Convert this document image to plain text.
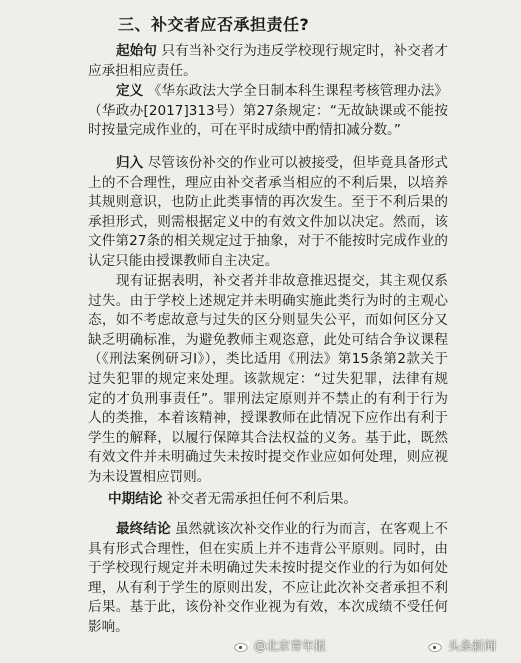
三、补交者应否承担责任?

起始句 只有当补交行为违反学校现行规定时，补交者才应承担相应责任。

定义 《华东政法大学全日制本科生课程考核管理办法》（华政办[2017]313号）第27条规定：“无故缺课或不能按时按量完成作业的，可在平时成绩中酌情扣减分数。”

归入 尽管该份补交的作业可以被接受，但毕竟具备形式上的不合理性，理应由补交者承当相应的不利后果，以培养其规则意识，也防止此类事情的再次发生。至于不利后果的承担形式，则需根据定义中的有效文件加以决定。然而，该文件第27条的相关规定过于抽象，对于不能按时完成作业的认定只能由授课教师自主决定。

现有证据表明，补交者并非故意推迟提交，其主观仅系过失。由于学校上述规定并未明确实施此类行为时的主观心态，如不考虑故意与过失的区分则显失公平，而如何区分又缺乏明确标准，为避免教师主观恣意，此处可结合争议课程（《刑法案例研习I》），类比适用《刑法》第15条第2款关于过失犯罪的规定来处理。该款规定：“过失犯罪，法律有规定的才负刑事责任”。罪刑法定原则并不禁止的有利于行为人的类推，本着该精神，授课教师在此情况下应作出有利于学生的解释，以履行保障其合法权益的义务。基于此，既然有效文件并未明确过失未按时提交作业应如何处理，则应视为未设置相应罚则。

中期结论 补交者无需承担任何不利后果。

最终结论 虽然就该次补交作业的行为而言，在客观上不具有形式合理性，但在实质上并不违背公平原则。同时，由于学校现行规定并未明确过失未按时提交作业的行为如何处理，从有利于学生的原则出发，不应让此次补交者承担不利后果。基于此，该份补交作业视为有效，本次成绩不受任何影响。

@北京青年报	头条新闻
